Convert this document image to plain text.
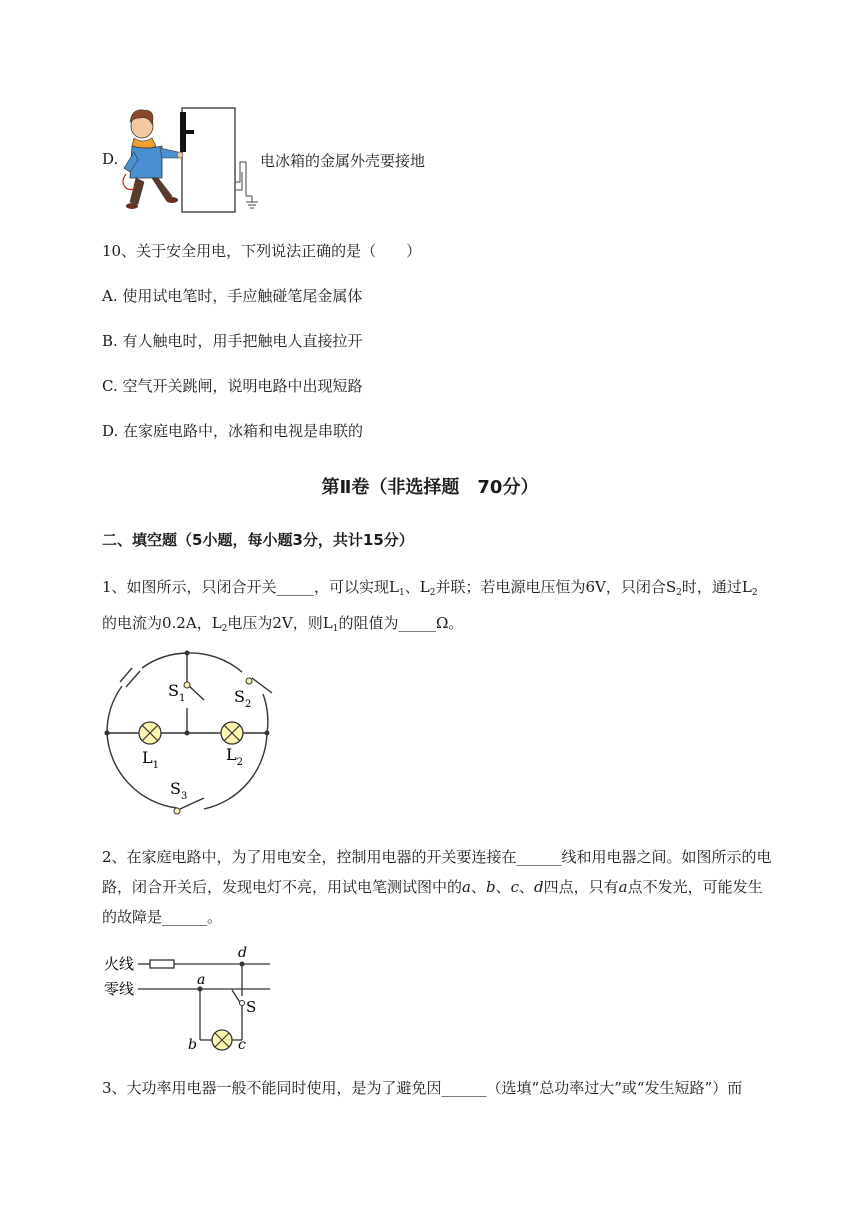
D.	电冰箱的金属外壳要接地
10、关于安全用电，下列说法正确的是（　　）
A. 使用试电笔时，手应触碰笔尾金属体
B. 有人触电时，用手把触电人直接拉开
C. 空气开关跳闸，说明电路中出现短路
D. 在家庭电路中，冰箱和电视是串联的
第Ⅱ卷（非选择题　70分）
二、填空题（5小题，每小题3分，共计15分）
1、如图所示，只闭合开关_____，可以实现$L_1$、$L_2$并联；若电源电压恒为6V，只闭合$S_2$时，通过$L_2$
的电流为0.2A，$L_2$电压为2V，则$L_1$的阻值为_____Ω。
$S_1$	$S_2$
$S_3$
$L_1$
$L_2$
2、在家庭电路中，为了用电安全，控制用电器的开关要连接在______线和用电器之间。如图所示的电
路，闭合开关后，发现电灯不亮，用试电笔测试图中的a、b、c、d四点，只有a点不发光，可能发生
的故障是______。
火线
零线
d
a
S
b	c
3、大功率用电器一般不能同时使用，是为了避免因______（选填“总功率过大”或“发生短路”）而
